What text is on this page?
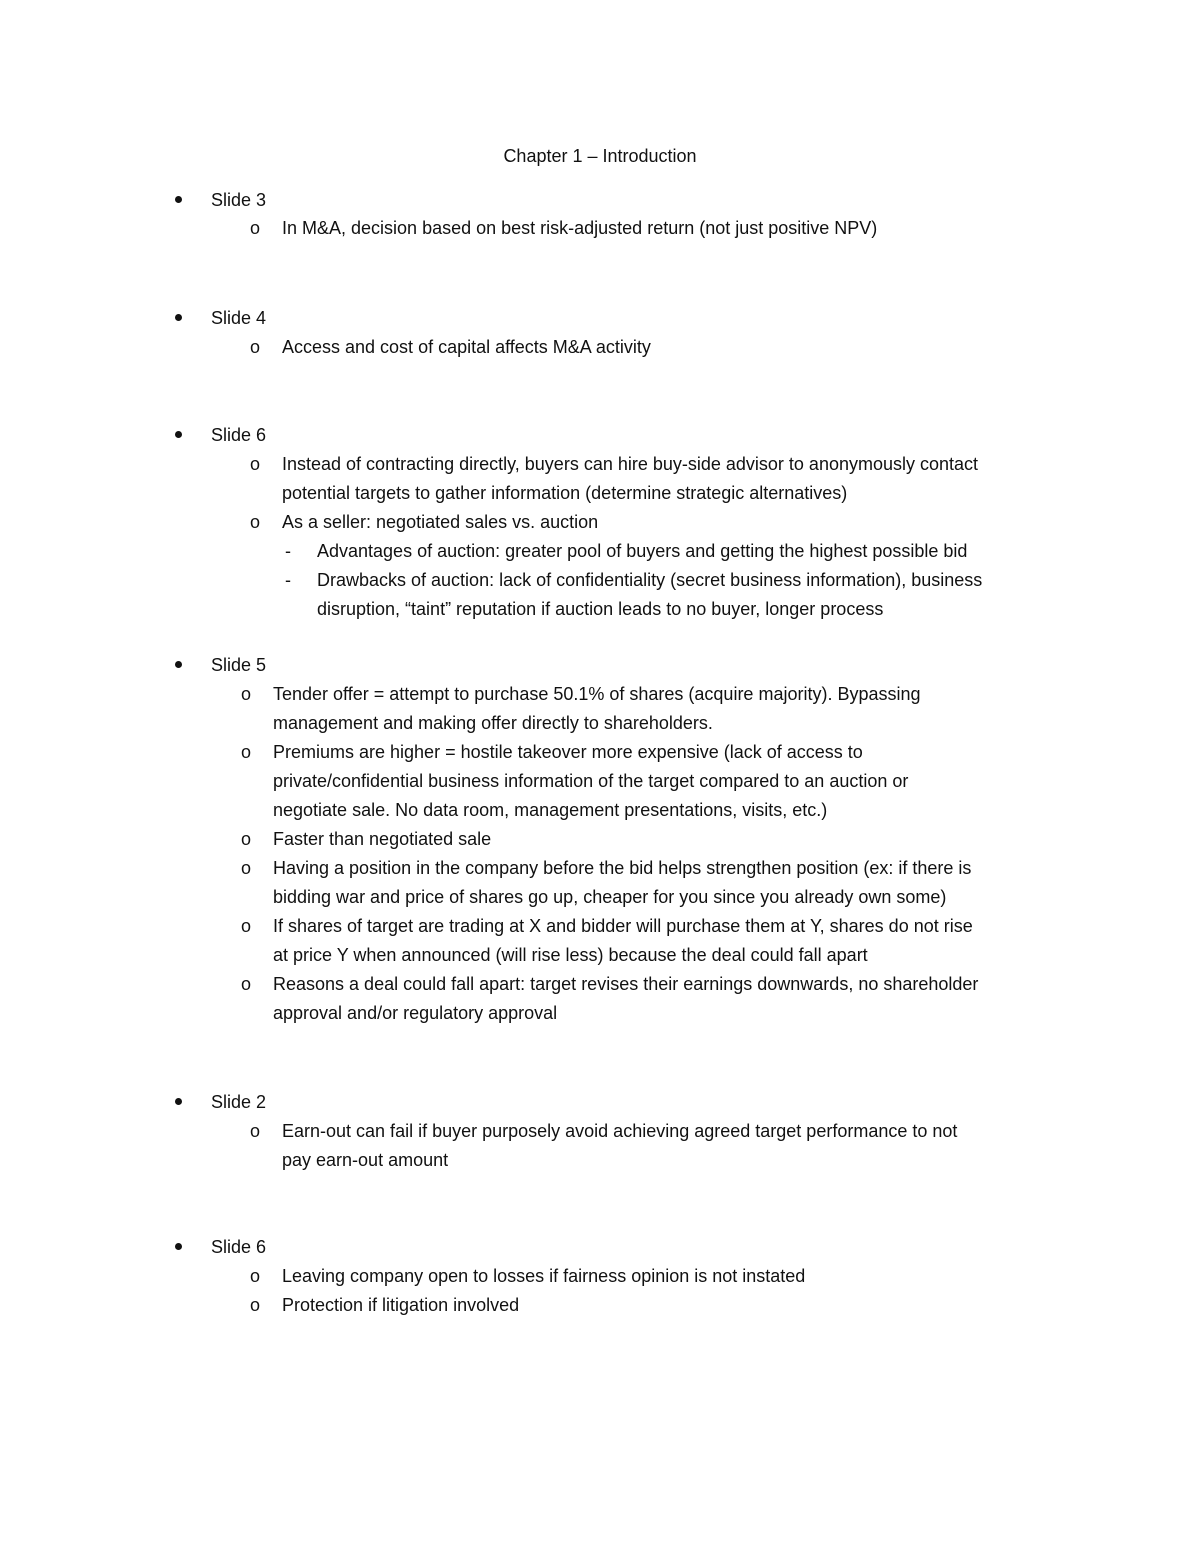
Chapter 1 – Introduction
Slide 3
o In M&A, decision based on best risk-adjusted return (not just positive NPV)
Slide 4
o Access and cost of capital affects M&A activity
Slide 6
o Instead of contracting directly, buyers can hire buy-side advisor to anonymously contact
potential targets to gather information (determine strategic alternatives)
o As a seller: negotiated sales vs. auction
- Advantages of auction: greater pool of buyers and getting the highest possible bid
- Drawbacks of auction: lack of confidentiality (secret business information), business
disruption, “taint” reputation if auction leads to no buyer, longer process
Slide 5
o Tender offer = attempt to purchase 50.1% of shares (acquire majority). Bypassing
management and making offer directly to shareholders.
o Premiums are higher = hostile takeover more expensive (lack of access to
private/confidential business information of the target compared to an auction or
negotiate sale. No data room, management presentations, visits, etc.)
o Faster than negotiated sale
o Having a position in the company before the bid helps strengthen position (ex: if there is
bidding war and price of shares go up, cheaper for you since you already own some)
o If shares of target are trading at X and bidder will purchase them at Y, shares do not rise
at price Y when announced (will rise less) because the deal could fall apart
o Reasons a deal could fall apart: target revises their earnings downwards, no shareholder
approval and/or regulatory approval
Slide 2
o Earn-out can fail if buyer purposely avoid achieving agreed target performance to not
pay earn-out amount
Slide 6
o Leaving company open to losses if fairness opinion is not instated
o Protection if litigation involved
